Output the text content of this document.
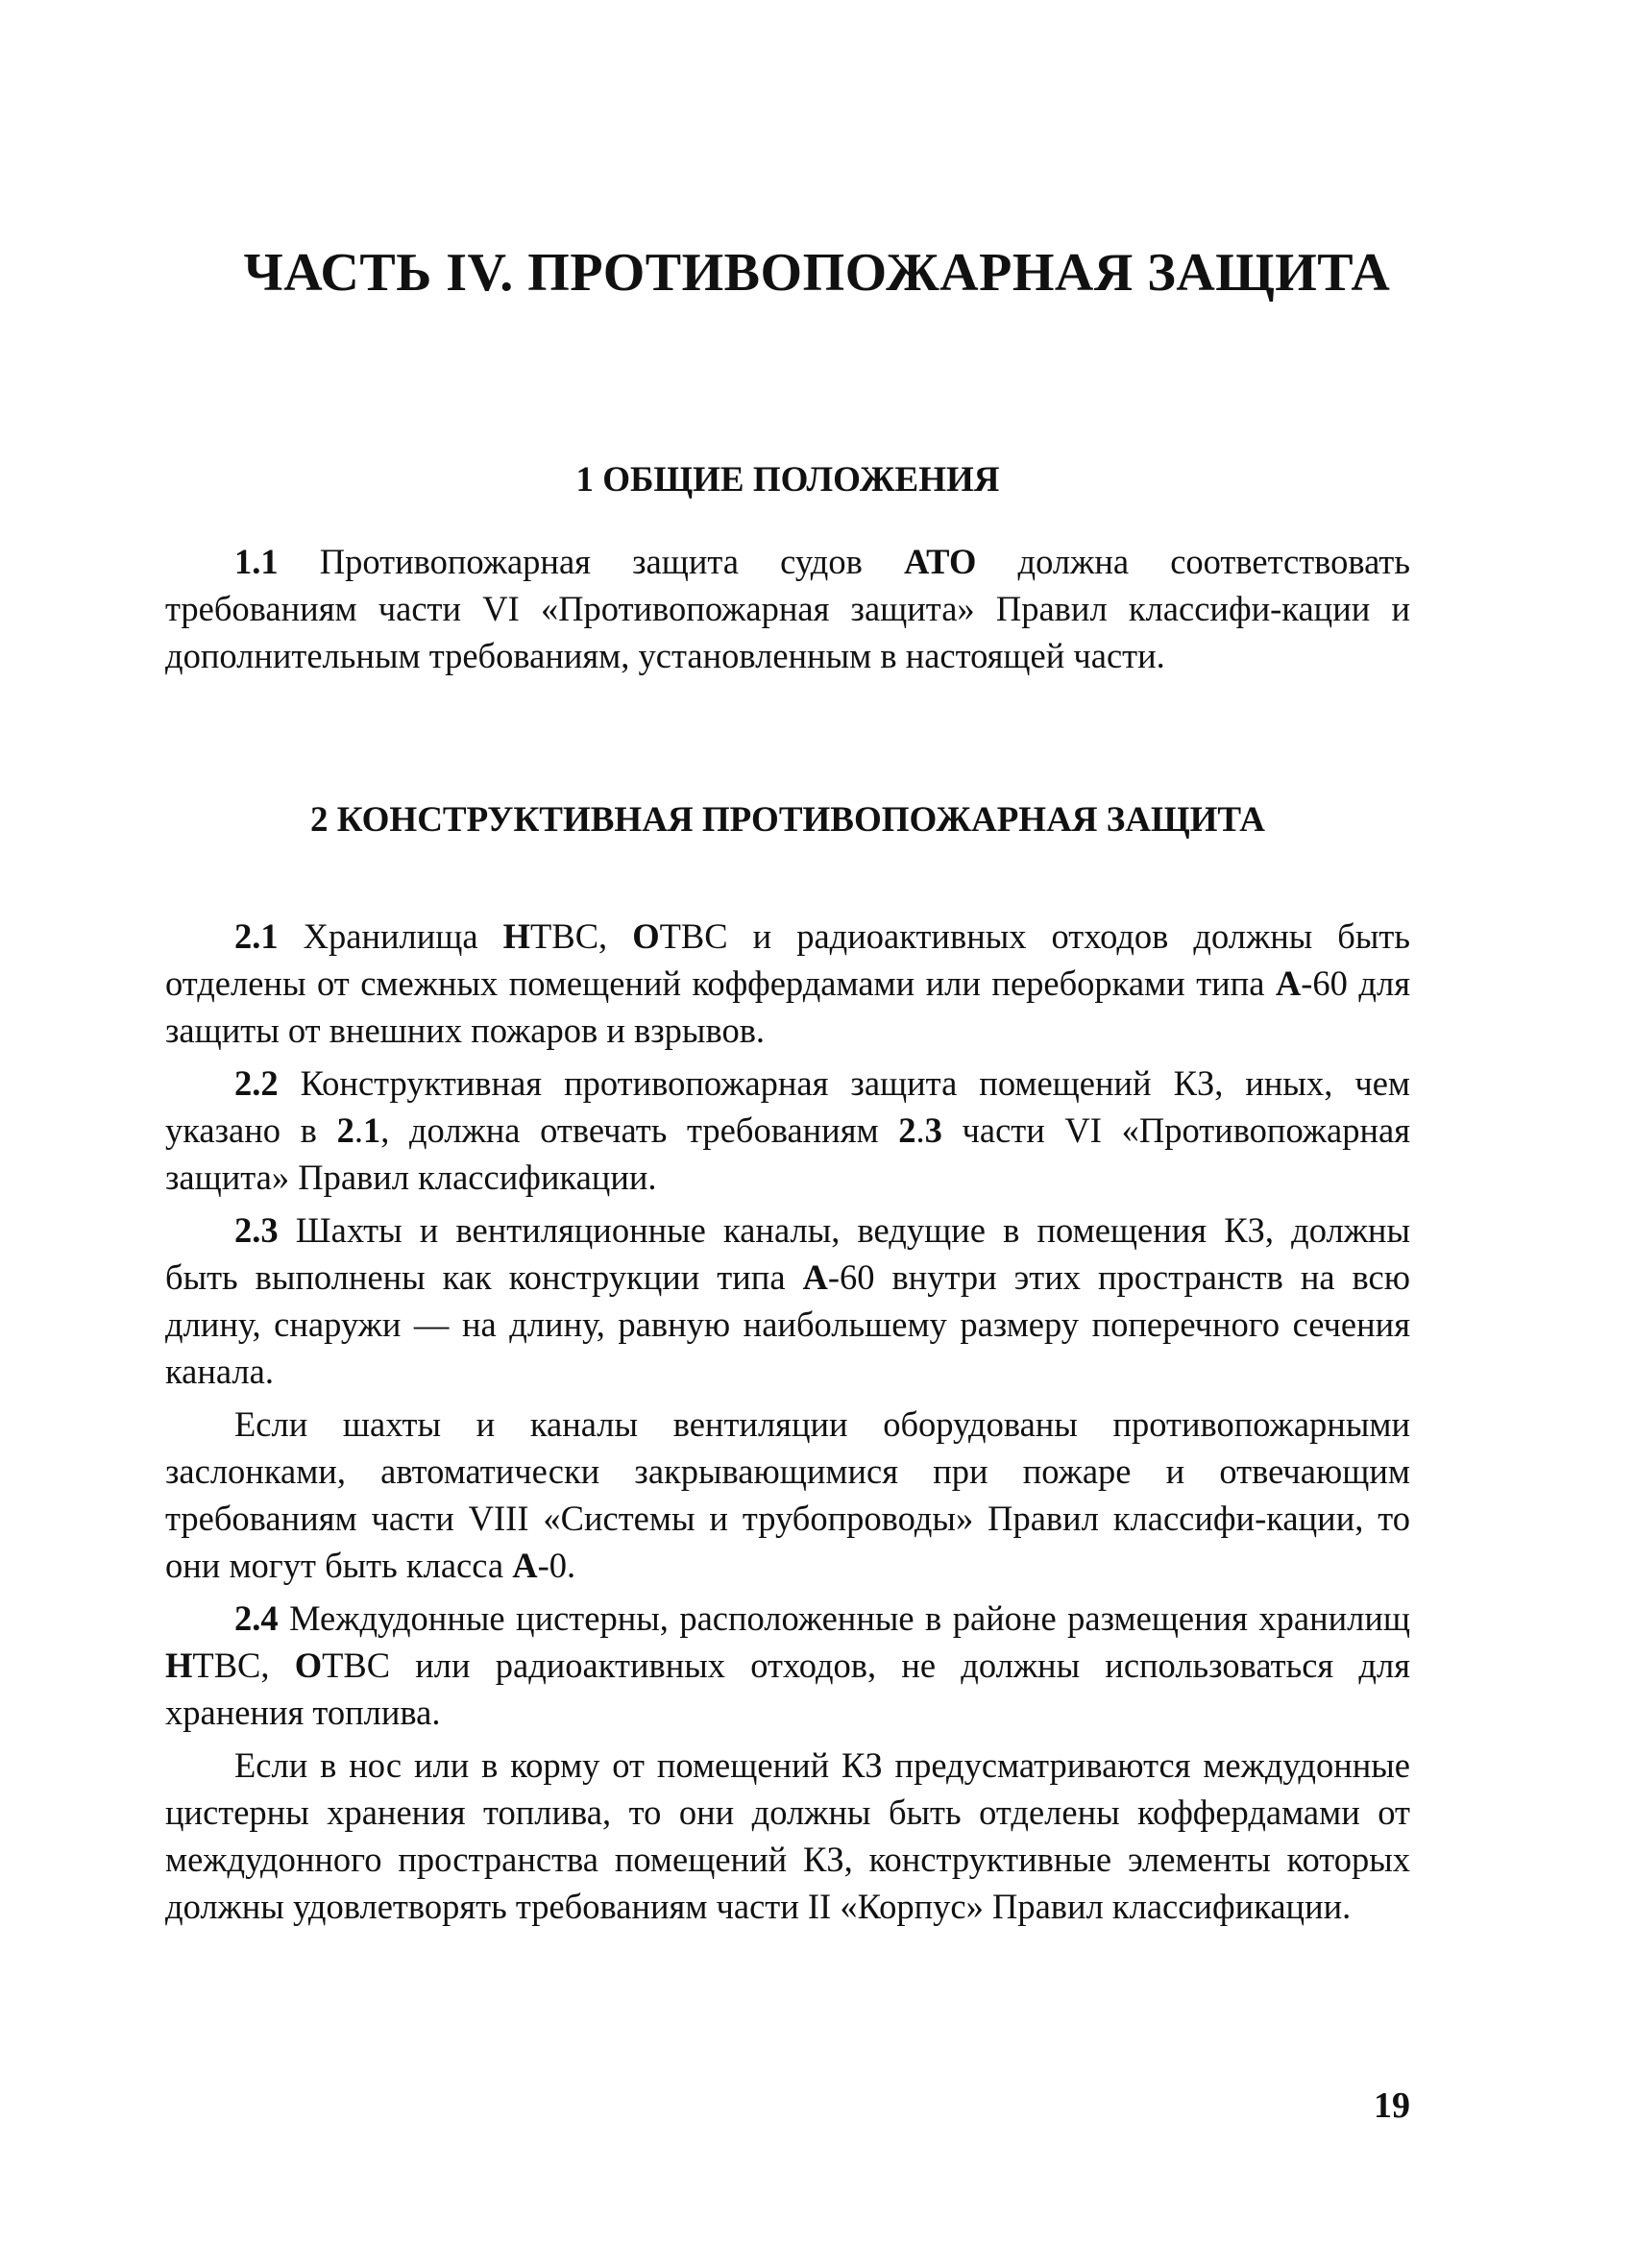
ЧАСТЬ IV. ПРОТИВОПОЖАРНАЯ ЗАЩИТА
1 ОБЩИЕ ПОЛОЖЕНИЯ

1.1 Противопожарная защита судов АТО должна соответствовать требованиям части VI «Противопожарная защита» Правил классифи-кации и дополнительным требованиям, установленным в настоящей части.

2 КОНСТРУКТИВНАЯ ПРОТИВОПОЖАРНАЯ ЗАЩИТА

2.1 Хранилища НТВС, ОТВС и радиоактивных отходов должны быть отделены от смежных помещений коффердамами или переборками типа А-60 для защиты от внешних пожаров и взрывов.

2.2 Конструктивная противопожарная защита помещений КЗ, иных, чем указано в 2.1, должна отвечать требованиям 2.3 части VI «Противопожарная защита» Правил классификации.

2.3 Шахты и вентиляционные каналы, ведущие в помещения КЗ, должны быть выполнены как конструкции типа А-60 внутри этих пространств на всю длину, снаружи — на длину, равную наибольшему размеру поперечного сечения канала.

Если шахты и каналы вентиляции оборудованы противопожарными заслонками, автоматически закрывающимися при пожаре и отвечающим требованиям части VIII «Системы и трубопроводы» Правил классифи-кации, то они могут быть класса А-0.

2.4 Междудонные цистерны, расположенные в районе размещения хранилищ НТВС, ОТВС или радиоактивных отходов, не должны использоваться для хранения топлива.

Если в нос или в корму от помещений КЗ предусматриваются междудонные цистерны хранения топлива, то они должны быть отделены коффердамами от междудонного пространства помещений КЗ, конструктивные элементы которых должны удовлетворять требованиям части II «Корпус» Правил классификации.

19
